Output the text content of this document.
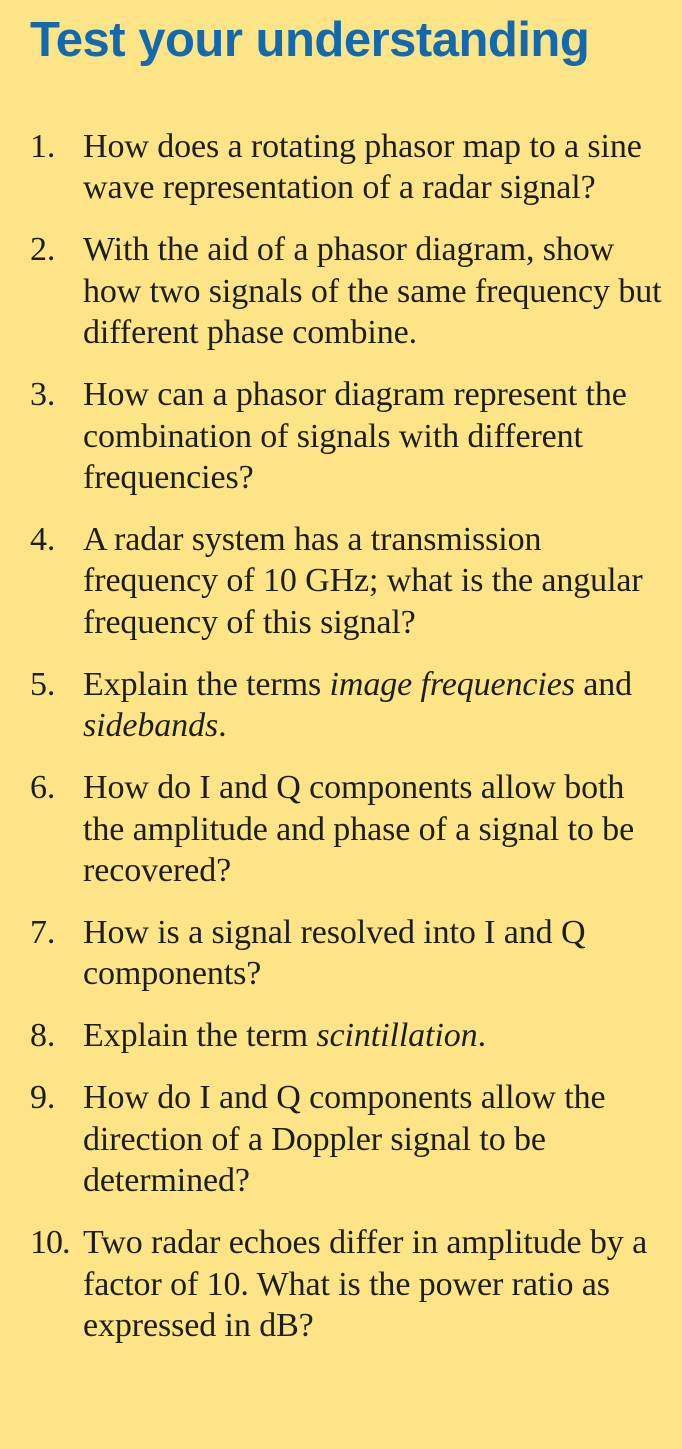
Test your understanding
1. How does a rotating phasor map to a sine wave representation of a radar signal?
2. With the aid of a phasor diagram, show how two signals of the same frequency but different phase combine.
3. How can a phasor diagram represent the combination of signals with different frequencies?
4. A radar system has a transmission frequency of 10 GHz; what is the angular frequency of this signal?
5. Explain the terms image frequencies and sidebands.
6. How do I and Q components allow both the amplitude and phase of a signal to be recovered?
7. How is a signal resolved into I and Q components?
8. Explain the term scintillation.
9. How do I and Q components allow the direction of a Doppler signal to be determined?
10. Two radar echoes differ in amplitude by a factor of 10. What is the power ratio as expressed in dB?
